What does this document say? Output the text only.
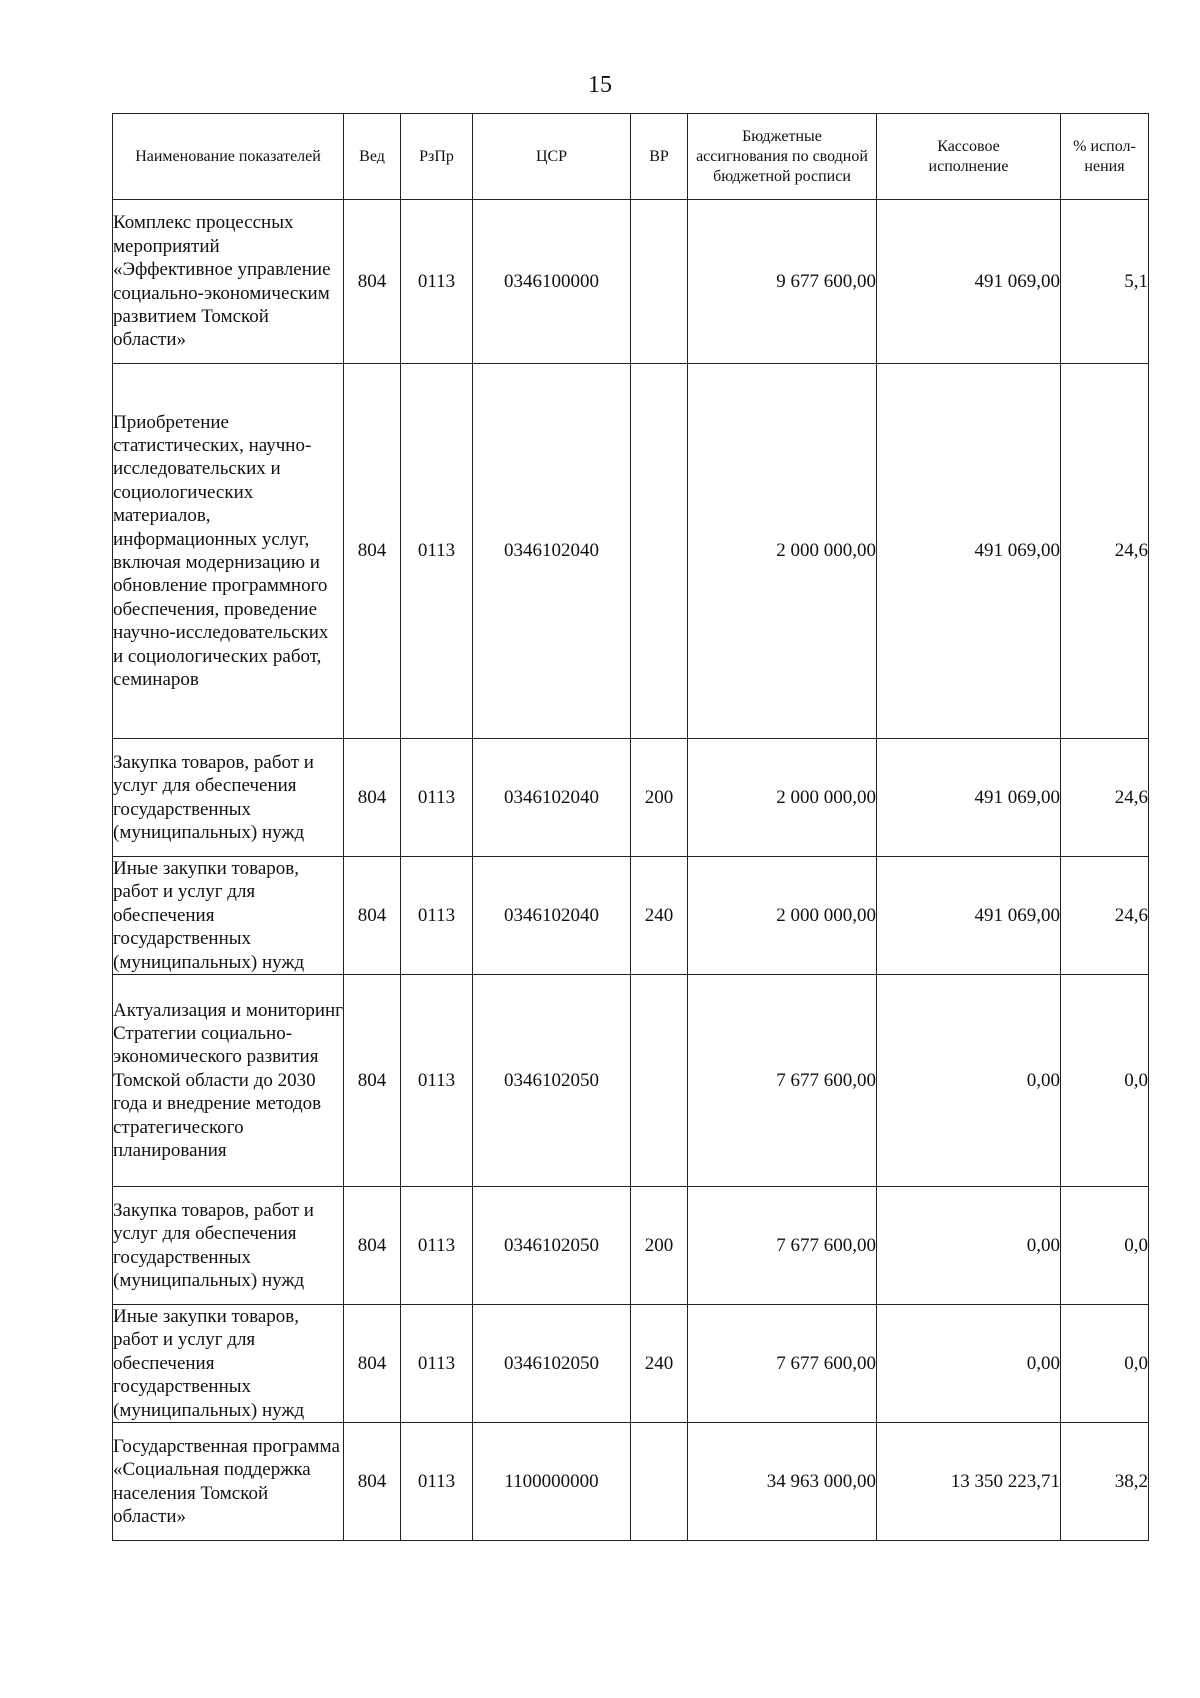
15
Наименование показателей	Вед	РзПр	ЦСР	ВР	Бюджетные ассигнования по сводной бюджетной росписи	Кассовое исполнение	% испол-нения
Комплекс процессных мероприятий «Эффективное управление социально-экономическим развитием Томской области»	804	0113	0346100000		9 677 600,00	491 069,00	5,1
Приобретение статистических, научно-исследовательских и социологических материалов, информационных услуг, включая модернизацию и обновление программного обеспечения, проведение научно-исследовательских и социологических работ, семинаров	804	0113	0346102040		2 000 000,00	491 069,00	24,6
Закупка товаров, работ и услуг для обеспечения государственных (муниципальных) нужд	804	0113	0346102040	200	2 000 000,00	491 069,00	24,6
Иные закупки товаров, работ и услуг для обеспечения государственных (муниципальных) нужд	804	0113	0346102040	240	2 000 000,00	491 069,00	24,6
Актуализация и мониторинг Стратегии социально-экономического развития Томской области до 2030 года и внедрение методов стратегического планирования	804	0113	0346102050		7 677 600,00	0,00	0,0
Закупка товаров, работ и услуг для обеспечения государственных (муниципальных) нужд	804	0113	0346102050	200	7 677 600,00	0,00	0,0
Иные закупки товаров, работ и услуг для обеспечения государственных (муниципальных) нужд	804	0113	0346102050	240	7 677 600,00	0,00	0,0
Государственная программа «Социальная поддержка населения Томской области»	804	0113	1100000000		34 963 000,00	13 350 223,71	38,2
